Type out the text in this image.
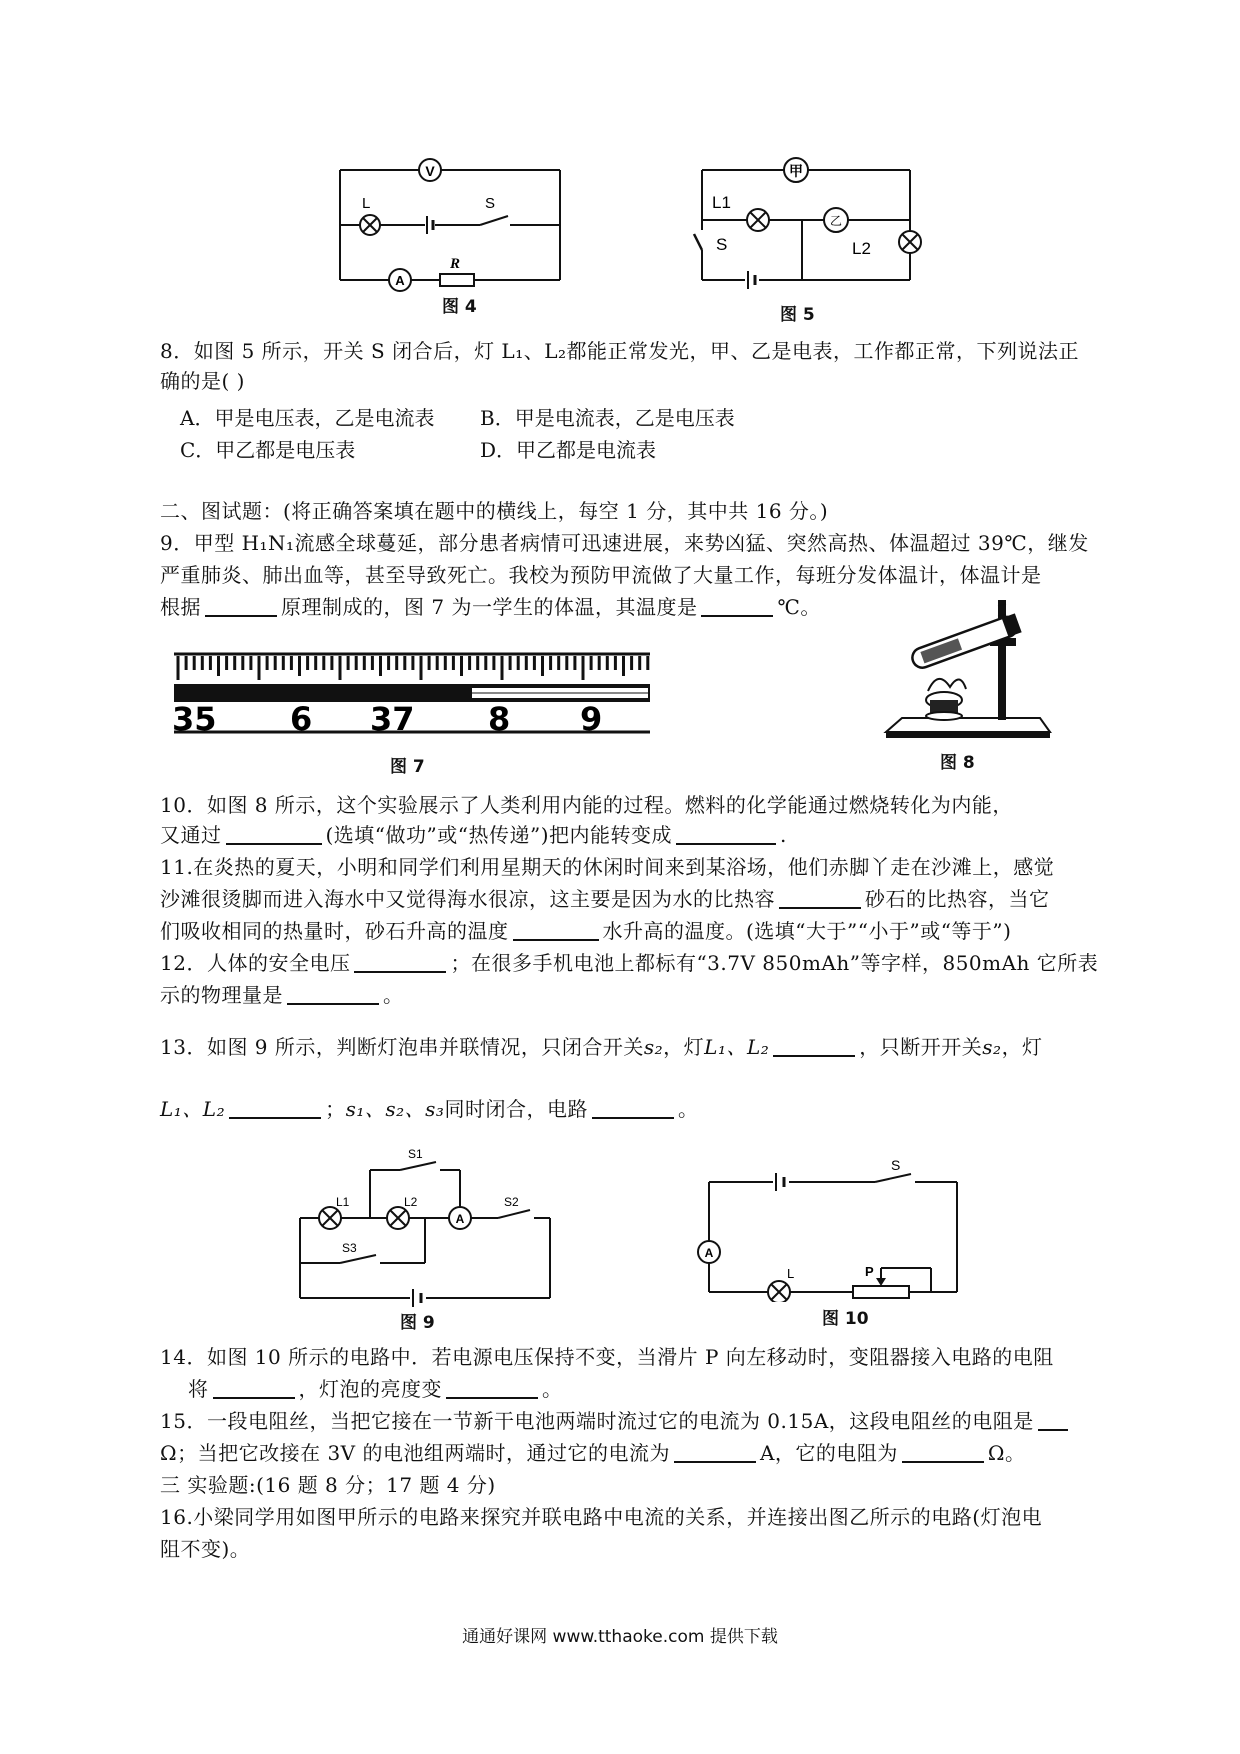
V
L	S
A
R
图 4
甲
乙
L1
L2
S
图 5
8．如图 5 所示，开关 S 闭合后，灯 L₁、L₂都能正常发光，甲、乙是电表，工作都正常，下列说法正
确的是( )
A．甲是电压表，乙是电流表 B．甲是电流表，乙是电压表
C．甲乙都是电压表	D．甲乙都是电流表
二、图试题：(将正确答案填在题中的横线上，每空 1 分，其中共 16 分。)
9．甲型 H₁N₁流感全球蔓延，部分患者病情可迅速进展，来势凶猛、突然高热、体温超过 39℃，继发
严重肺炎、肺出血等，甚至导致死亡。我校为预防甲流做了大量工作，每班分发体温计，体温计是
根据	原理制成的，图 7 为一学生的体温，其温度是	℃。
35 6 37 8 9
图 7	图 8
10．如图 8 所示，这个实验展示了人类利用内能的过程。燃料的化学能通过燃烧转化为内能，
又通过	(选填“做功”或“热传递”)把内能转变成	.
11.在炎热的夏天，小明和同学们利用星期天的休闲时间来到某浴场，他们赤脚丫走在沙滩上，感觉
沙滩很烫脚而进入海水中又觉得海水很凉，这主要是因为水的比热容	砂石的比热容，当它
们吸收相同的热量时，砂石升高的温度	水升高的温度。(选填“大于”“小于”或“等于”)
12．人体的安全电压	；在很多手机电池上都标有“3.7V 850mAh”等字样，850mAh 它所表
示的物理量是	。
13．如图 9 所示，判断灯泡串并联情况，只闭合开关s₂，灯L₁、L₂	，只断开开关s₂，灯
L₁、L₂	；s₁、s₂、s₃同时闭合，电路	。
S1
L1	L2
A
S2
S3
图 9
S
A
L	P
图 10
14．如图 10 所示的电路中．若电源电压保持不变，当滑片 P 向左移动时，变阻器接入电路的电阻
将	，灯泡的亮度变	。
15．一段电阻丝，当把它接在一节新干电池两端时流过它的电流为 0.15A，这段电阻丝的电阻是
Ω；当把它改接在 3V 的电池组两端时，通过它的电流为	A，它的电阻为	Ω。
三 实验题:(16 题 8 分；17 题 4 分)
16.小梁同学用如图甲所示的电路来探究并联电路中电流的关系，并连接出图乙所示的电路(灯泡电
阻不变)。
通通好课网 www.tthaoke.com 提供下载
